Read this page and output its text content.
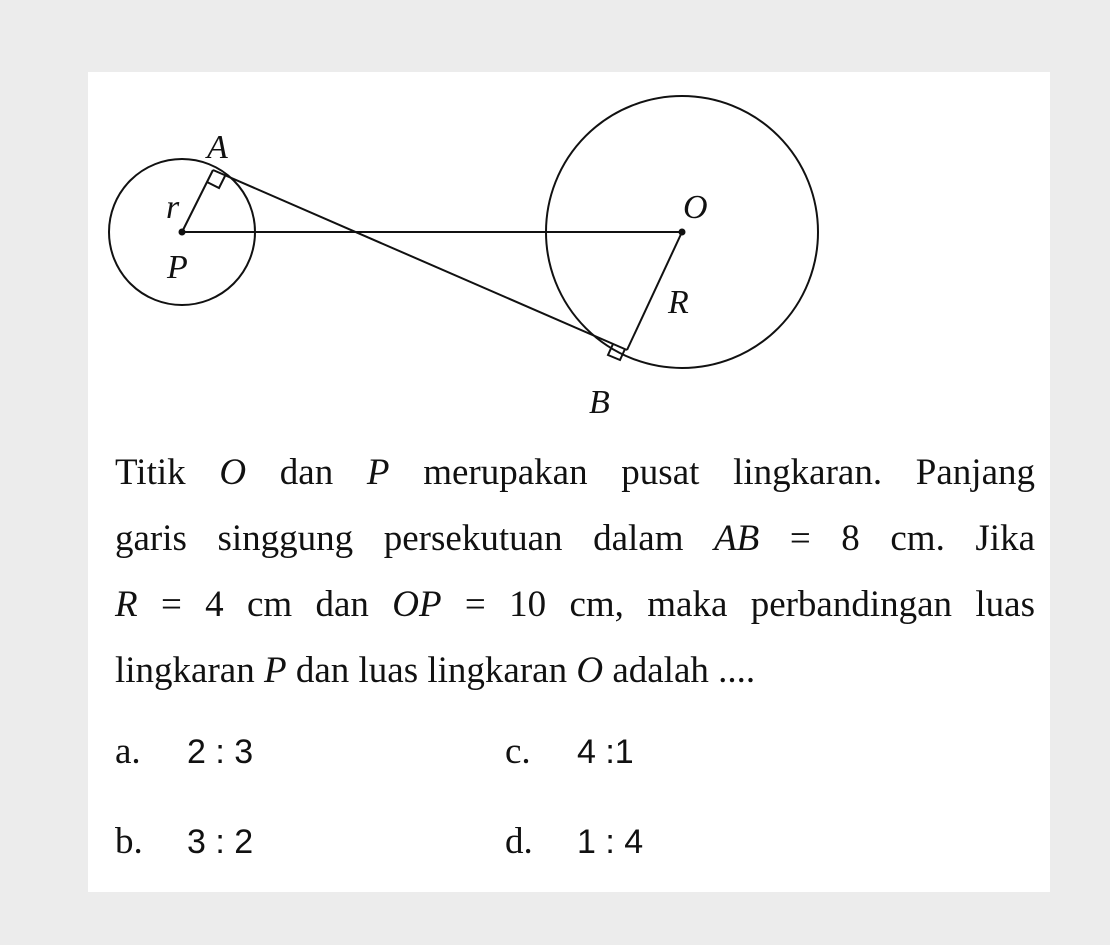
A
r
P
O
R
B

Titik O dan P merupakan pusat lingkaran. Panjang
garis singgung persekutuan dalam AB = 8 cm. Jika
R = 4 cm dan OP = 10 cm, maka perbandingan luas
lingkaran P dan luas lingkaran O adalah ....

a. 2 : 3
b. 3 : 2
c. 4 :1
d. 1 : 4
